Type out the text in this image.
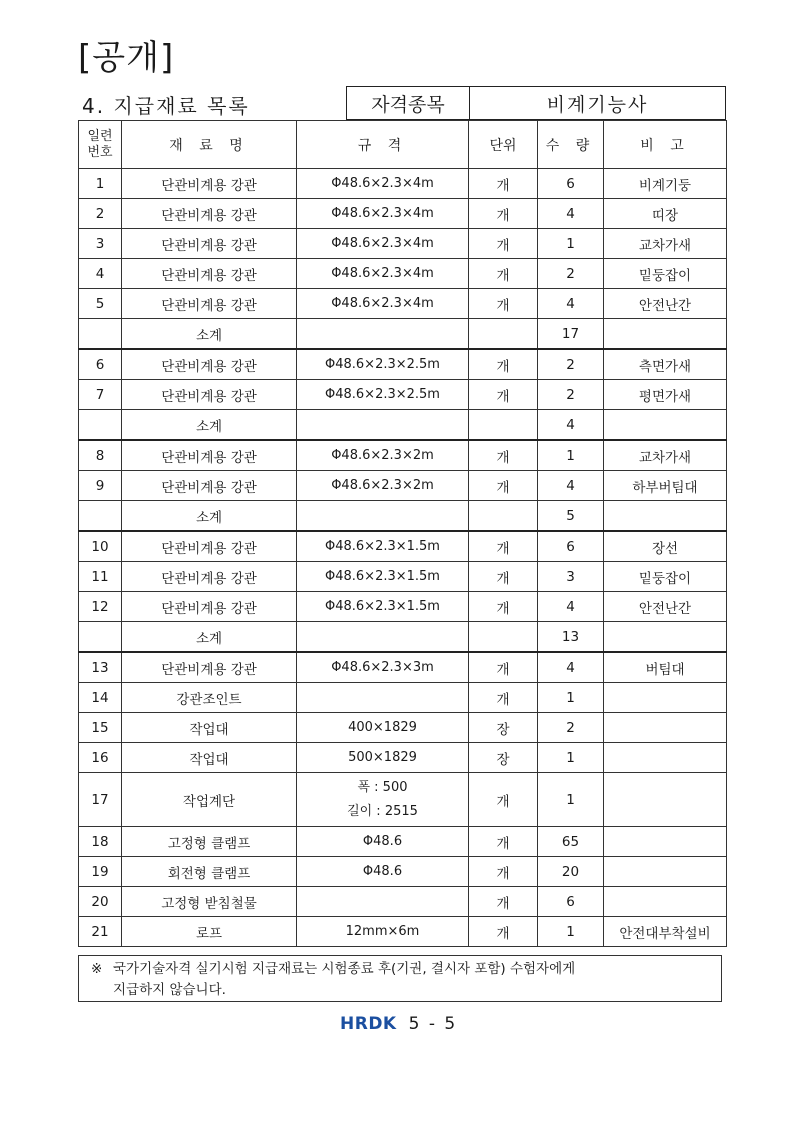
[공개]
4. 지급재료 목록	자격종목	비계기능사
일련
번호	재 료 명	규 격	단위	수 량	비 고
1	단관비계용 강관	Φ48.6×2.3×4m	개	6	비계기둥
2	단관비계용 강관	Φ48.6×2.3×4m	개	4	띠장
3	단관비계용 강관	Φ48.6×2.3×4m	개	1	교차가새
4	단관비계용 강관	Φ48.6×2.3×4m	개	2	밑둥잡이
5	단관비계용 강관	Φ48.6×2.3×4m	개	4	안전난간
	소계			17	
6	단관비계용 강관	Φ48.6×2.3×2.5m	개	2	측면가새
7	단관비계용 강관	Φ48.6×2.3×2.5m	개	2	평면가새
	소계			4	
8	단관비계용 강관	Φ48.6×2.3×2m	개	1	교차가새
9	단관비계용 강관	Φ48.6×2.3×2m	개	4	하부버팀대
	소계			5	
10	단관비계용 강관	Φ48.6×2.3×1.5m	개	6	장선
11	단관비계용 강관	Φ48.6×2.3×1.5m	개	3	밑둥잡이
12	단관비계용 강관	Φ48.6×2.3×1.5m	개	4	안전난간
	소계			13	
13	단관비계용 강관	Φ48.6×2.3×3m	개	4	버팀대
14	강관조인트		개	1	
15	작업대	400×1829	장	2	
16	작업대	500×1829	장	1	
17	작업계단	폭 : 500
길이 : 2515	개	1	
18	고정형 클램프	Φ48.6	개	65	
19	회전형 클램프	Φ48.6	개	20	
20	고정형 받침철물		개	6	
21	로프	12mm×6m	개	1	안전대부착설비
※ 국가기술자격 실기시험 지급재료는 시험종료 후(기권, 결시자 포함) 수험자에게
지급하지 않습니다.
HRDK 5 - 5
